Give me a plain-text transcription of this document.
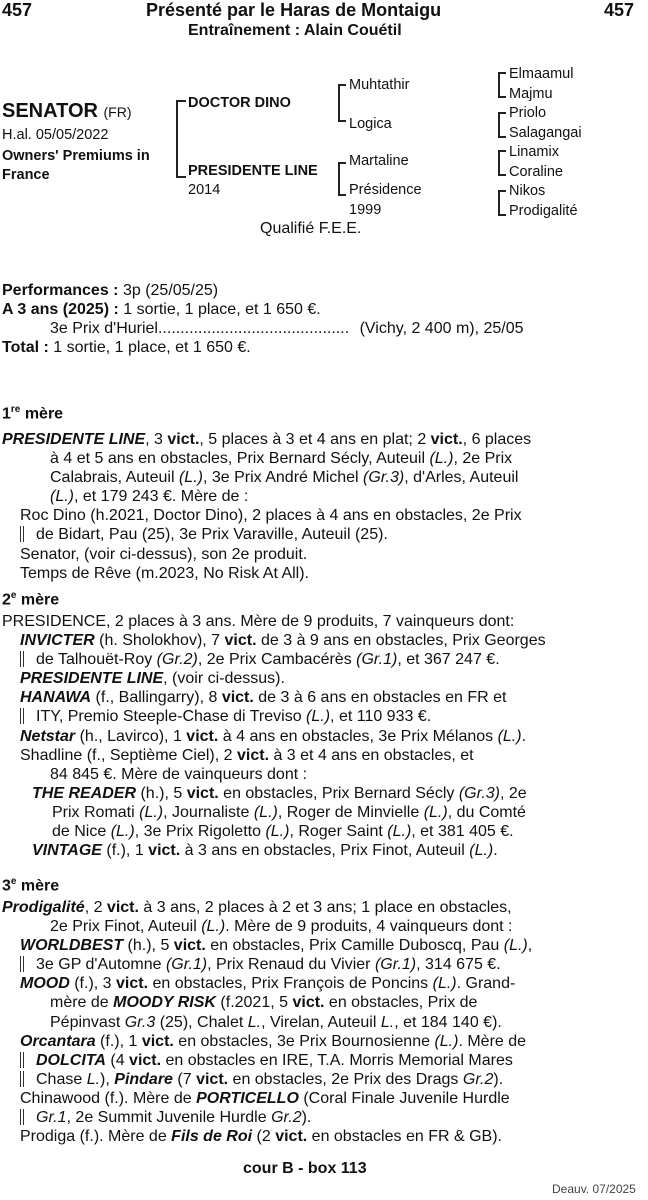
457	Présenté par le Haras de Montaigu	457
Entraînement : Alain Couétil
SENATOR (FR)
H.al. 05/05/2022
Owners' Premiums in
France
DOCTOR DINO
PRESIDENTE LINE
2014
Muhtathir
Logica
Martaline
Présidence
1999
Elmaamul
Majmu
Priolo
Salagangai
Linamix
Coraline
Nikos
Prodigalité
Qualifié F.E.E.

Performances : 3p (25/05/25)

A 3 ans (2025) : 1 sortie, 1 place, et 1 650 €.

3e Prix d'Huriel........................................... (Vichy, 2 400 m), 25/05

Total : 1 sortie, 1 place, et 1 650 €.

1re mère

PRESIDENTE LINE, 3 vict., 5 places à 3 et 4 ans en plat; 2 vict., 6 places

à 4 et 5 ans en obstacles, Prix Bernard Sécly, Auteuil (L.), 2e Prix

Calabrais, Auteuil (L.), 3e Prix André Michel (Gr.3), d'Arles, Auteuil

(L.), et 179 243 €. Mère de :

Roc Dino (h.2021, Doctor Dino), 2 places à 4 ans en obstacles, 2e Prix

de Bidart, Pau (25), 3e Prix Varaville, Auteuil (25).

Senator, (voir ci-dessus), son 2e produit.

Temps de Rêve (m.2023, No Risk At All).

2e mère

PRESIDENCE, 2 places à 3 ans. Mère de 9 produits, 7 vainqueurs dont:

INVICTER (h. Sholokhov), 7 vict. de 3 à 9 ans en obstacles, Prix Georges

de Talhouët-Roy (Gr.2), 2e Prix Cambacérès (Gr.1), et 367 247 €.

PRESIDENTE LINE, (voir ci-dessus).

HANAWA (f., Ballingarry), 8 vict. de 3 à 6 ans en obstacles en FR et

ITY, Premio Steeple-Chase di Treviso (L.), et 110 933 €.

Netstar (h., Lavirco), 1 vict. à 4 ans en obstacles, 3e Prix Mélanos (L.).

Shadline (f., Septième Ciel), 2 vict. à 3 et 4 ans en obstacles, et

84 845 €. Mère de vainqueurs dont :

THE READER (h.), 5 vict. en obstacles, Prix Bernard Sécly (Gr.3), 2e

Prix Romati (L.), Journaliste (L.), Roger de Minvielle (L.), du Comté

de Nice (L.), 3e Prix Rigoletto (L.), Roger Saint (L.), et 381 405 €.

VINTAGE (f.), 1 vict. à 3 ans en obstacles, Prix Finot, Auteuil (L.).

3e mère

Prodigalité, 2 vict. à 3 ans, 2 places à 2 et 3 ans; 1 place en obstacles,

2e Prix Finot, Auteuil (L.). Mère de 9 produits, 4 vainqueurs dont :

WORLDBEST (h.), 5 vict. en obstacles, Prix Camille Duboscq, Pau (L.),

3e GP d'Automne (Gr.1), Prix Renaud du Vivier (Gr.1), 314 675 €.

MOOD (f.), 3 vict. en obstacles, Prix François de Poncins (L.). Grand-

mère de MOODY RISK (f.2021, 5 vict. en obstacles, Prix de

Pépinvast Gr.3 (25), Chalet L., Virelan, Auteuil L., et 184 140 €).

Orcantara (f.), 1 vict. en obstacles, 3e Prix Bournosienne (L.). Mère de

DOLCITA (4 vict. en obstacles en IRE, T.A. Morris Memorial Mares

Chase L.), Pindare (7 vict. en obstacles, 2e Prix des Drags Gr.2).

Chinawood (f.). Mère de PORTICELLO (Coral Finale Juvenile Hurdle

Gr.1, 2e Summit Juvenile Hurdle Gr.2).

Prodiga (f.). Mère de Fils de Roi (2 vict. en obstacles en FR & GB).

cour B - box 113
Deauv. 07/2025
